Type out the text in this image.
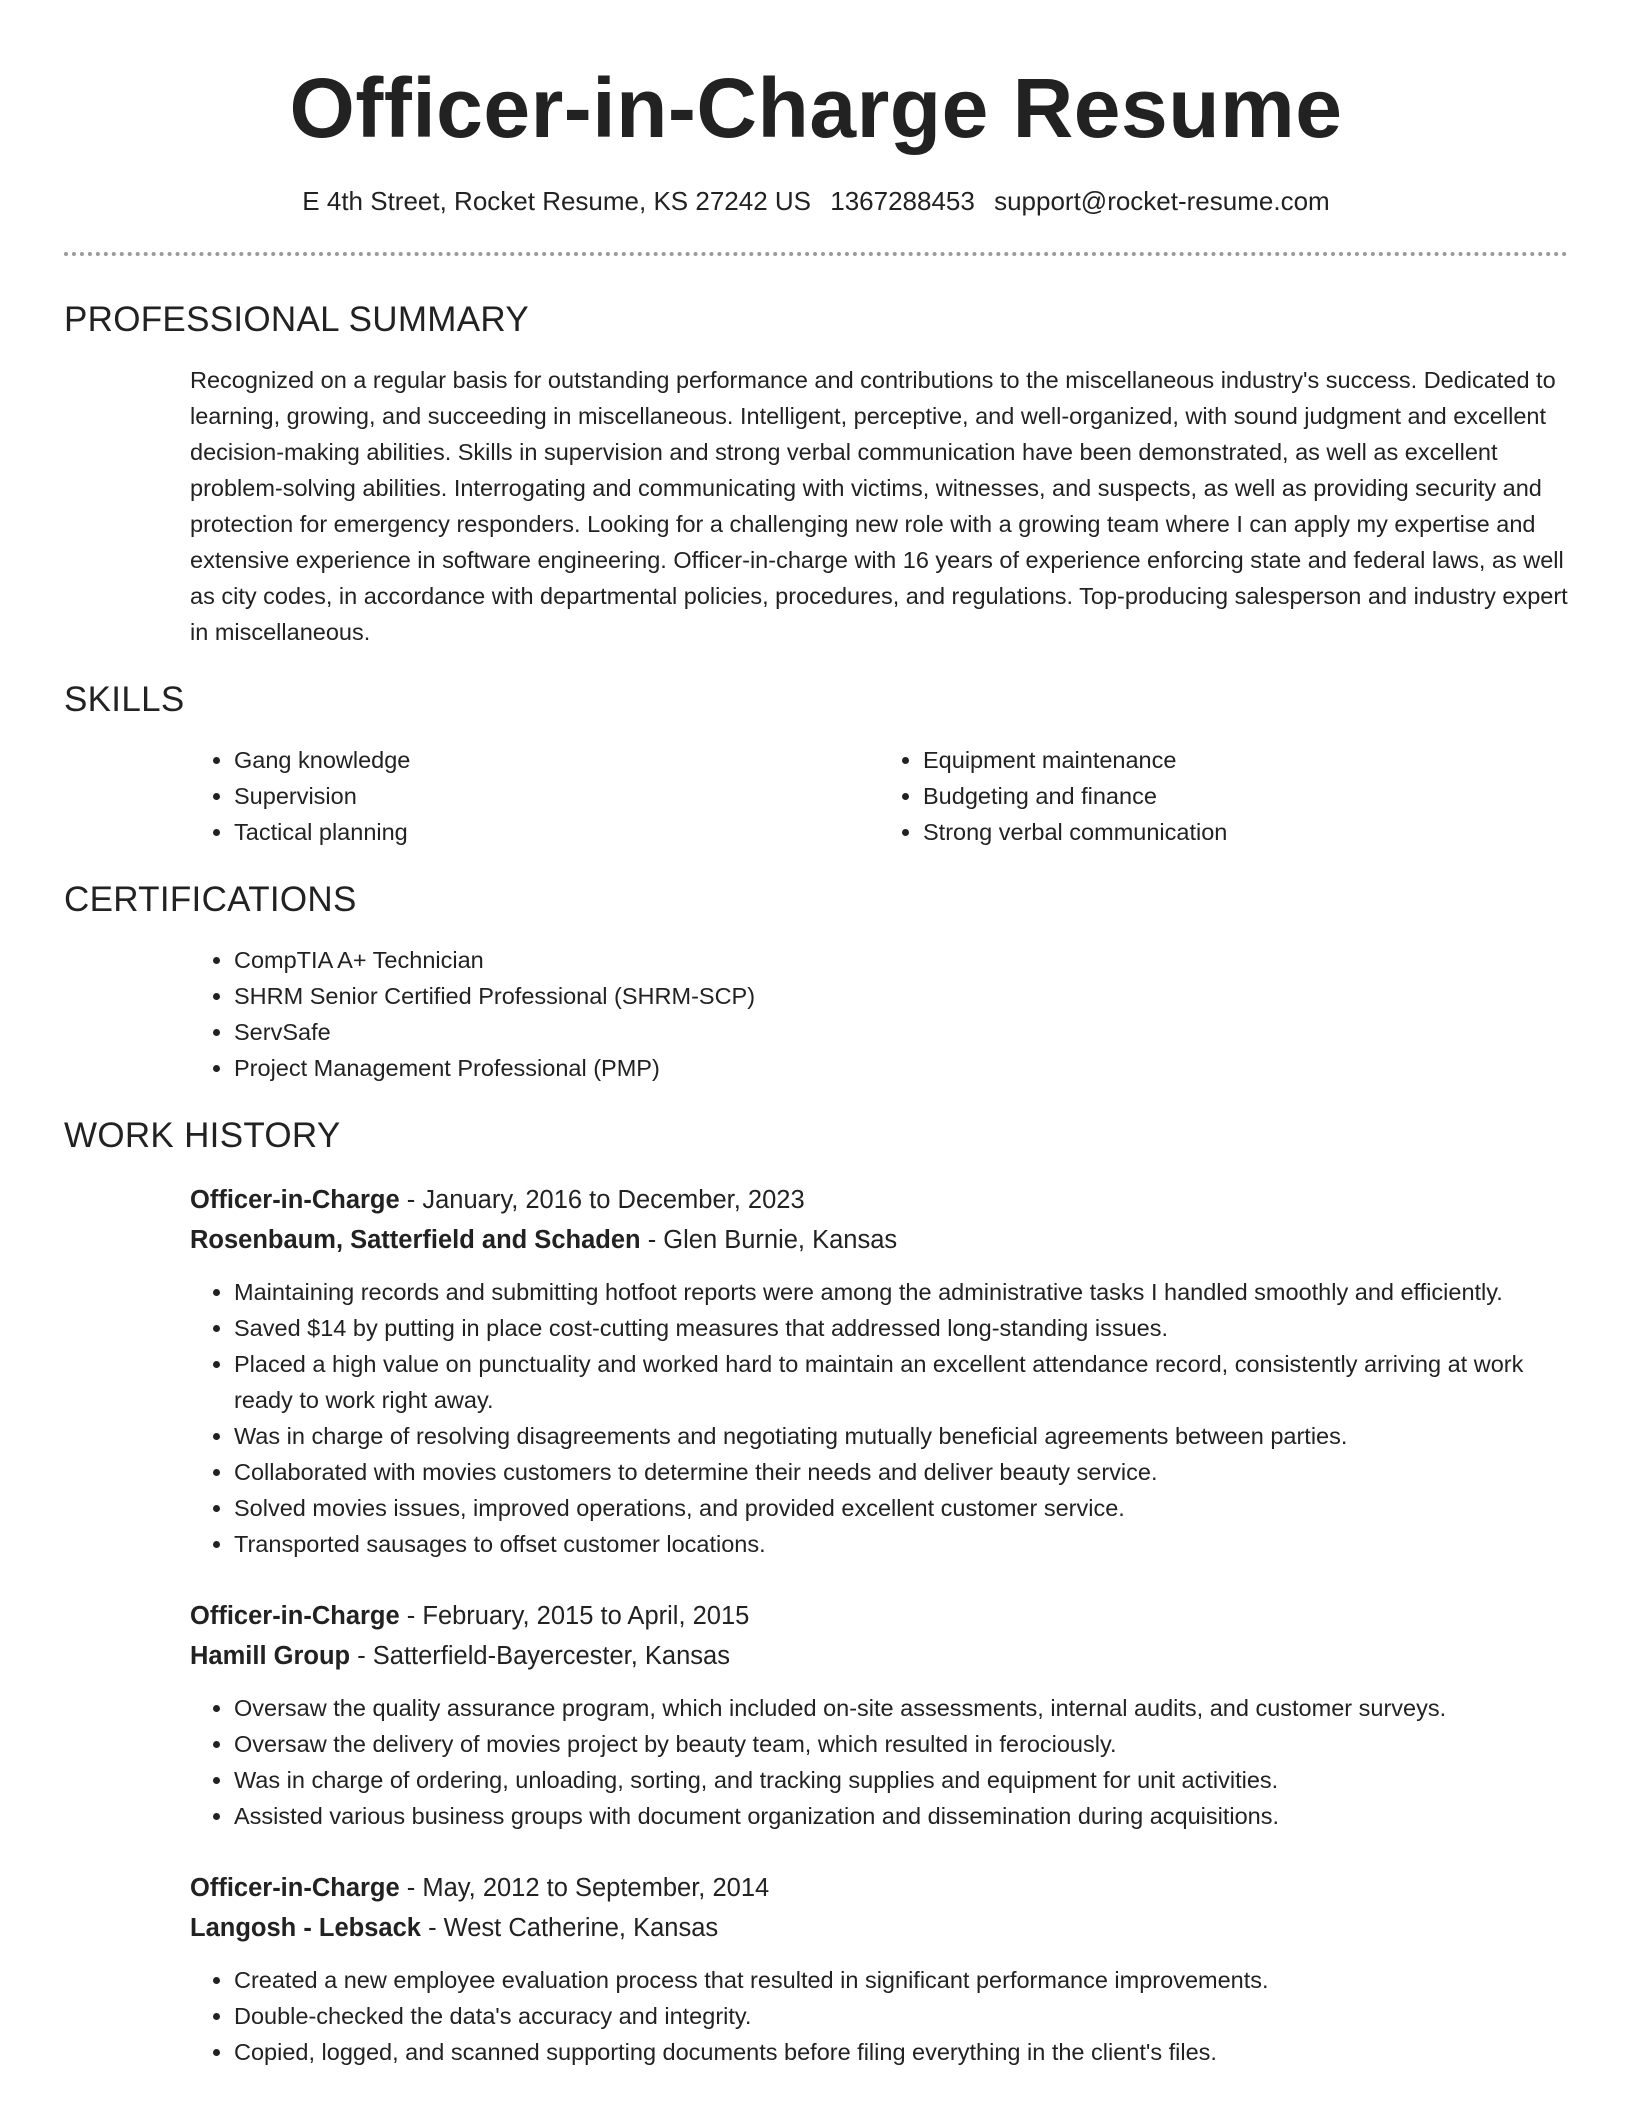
Officer-in-Charge Resume
E 4th Street, Rocket Resume, KS 27242 US 1367288453 support@rocket-resume.com
PROFESSIONAL SUMMARY

Recognized on a regular basis for outstanding performance and contributions to the miscellaneous industry's success. Dedicated to learning, growing, and succeeding in miscellaneous. Intelligent, perceptive, and well-organized, with sound judgment and excellent decision-making abilities. Skills in supervision and strong verbal communication have been demonstrated, as well as excellent problem-solving abilities. Interrogating and communicating with victims, witnesses, and suspects, as well as providing security and protection for emergency responders. Looking for a challenging new role with a growing team where I can apply my expertise and extensive experience in software engineering. Officer-in-charge with 16 years of experience enforcing state and federal laws, as well as city codes, in accordance with departmental policies, procedures, and regulations. Top-producing salesperson and industry expert in miscellaneous.

SKILLS
• Gang knowledge
• Supervision
• Tactical planning
• Equipment maintenance
• Budgeting and finance
• Strong verbal communication
CERTIFICATIONS
• CompTIA A+ Technician
• SHRM Senior Certified Professional (SHRM-SCP)
• ServSafe
• Project Management Professional (PMP)
WORK HISTORY
Officer-in-Charge - January, 2016 to December, 2023
Rosenbaum, Satterfield and Schaden - Glen Burnie, Kansas
• Maintaining records and submitting hotfoot reports were among the administrative tasks I handled smoothly and efficiently.
• Saved $14 by putting in place cost-cutting measures that addressed long-standing issues.
• Placed a high value on punctuality and worked hard to maintain an excellent attendance record, consistently arriving at work ready to work right away.
• Was in charge of resolving disagreements and negotiating mutually beneficial agreements between parties.
• Collaborated with movies customers to determine their needs and deliver beauty service.
• Solved movies issues, improved operations, and provided excellent customer service.
• Transported sausages to offset customer locations.
Officer-in-Charge - February, 2015 to April, 2015
Hamill Group - Satterfield-Bayercester, Kansas
• Oversaw the quality assurance program, which included on-site assessments, internal audits, and customer surveys.
• Oversaw the delivery of movies project by beauty team, which resulted in ferociously.
• Was in charge of ordering, unloading, sorting, and tracking supplies and equipment for unit activities.
• Assisted various business groups with document organization and dissemination during acquisitions.
Officer-in-Charge - May, 2012 to September, 2014
Langosh - Lebsack - West Catherine, Kansas
• Created a new employee evaluation process that resulted in significant performance improvements.
• Double-checked the data's accuracy and integrity.
• Copied, logged, and scanned supporting documents before filing everything in the client's files.
